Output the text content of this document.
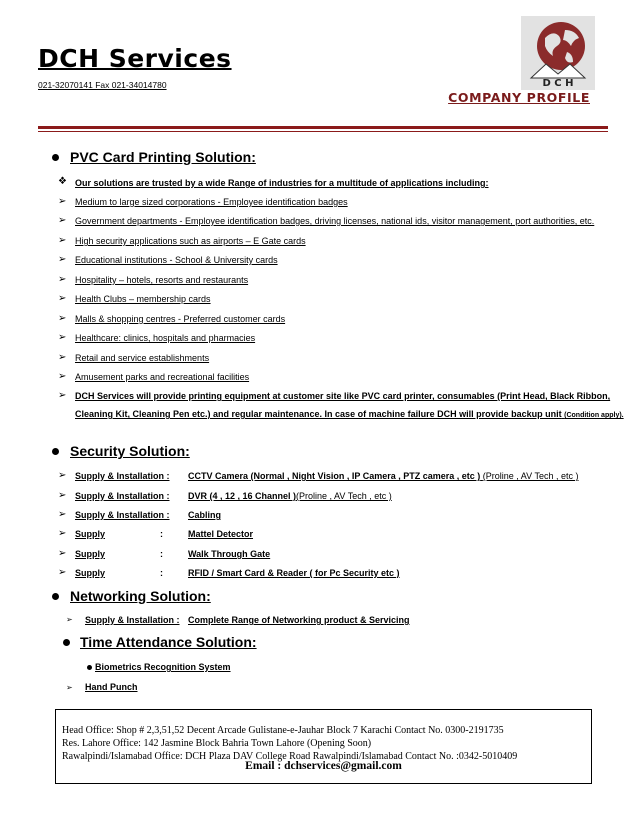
DCH Services
021-32070141 Fax 021-34014780	D C H
COMPANY PROFILE
PVC Card Printing Solution:
❖ Our solutions are trusted by a wide Range of industries for a multitude of applications including:
➢ Medium to large sized corporations - Employee identification badges
➢ Government departments - Employee identification badges, driving licenses, national ids, visitor management, port authorities, etc.
➢ High security applications such as airports – E Gate cards
➢ Educational institutions - School & University cards
➢ Hospitality – hotels, resorts and restaurants
➢ Health Clubs – membership cards
➢ Malls & shopping centres - Preferred customer cards
➢ Healthcare: clinics, hospitals and pharmacies
➢ Retail and service establishments
➢ Amusement parks and recreational facilities
➢ DCH Services will provide printing equipment at customer site like PVC card printer, consumables (Print Head, Black Ribbon,
Cleaning Kit, Cleaning Pen etc.) and regular maintenance. In case of machine failure DCH will provide backup unit (Condition apply).
Security Solution:
➢ Supply & Installation : CCTV Camera (Normal , Night Vision , IP Camera , PTZ camera , etc ) (Proline , AV Tech , etc )
➢ Supply & Installation : DVR (4 , 12 , 16 Channel )(Proline , AV Tech , etc )
➢ Supply & Installation : Cabling
➢ Supply	:	Mattel Detector
➢ Supply	:	Walk Through Gate
➢ Supply	:	RFID / Smart Card & Reader ( for Pc Security etc )
Networking Solution:
➢ Supply & Installation : Complete Range of Networking product & Servicing
Time Attendance Solution:
Biometrics Recognition System
➢ Hand Punch
Head Office: Shop # 2,3,51,52 Decent Arcade Gulistane-e-Jauhar Block 7 Karachi Contact No. 0300-2191735
Res. Lahore Office: 142 Jasmine Block Bahria Town Lahore (Opening Soon)
Rawalpindi/Islamabad Office: DCH Plaza DAV College Road Rawalpindi/Islamabad Contact No. :0342-5010409
Email : dchservices@gmail.com
